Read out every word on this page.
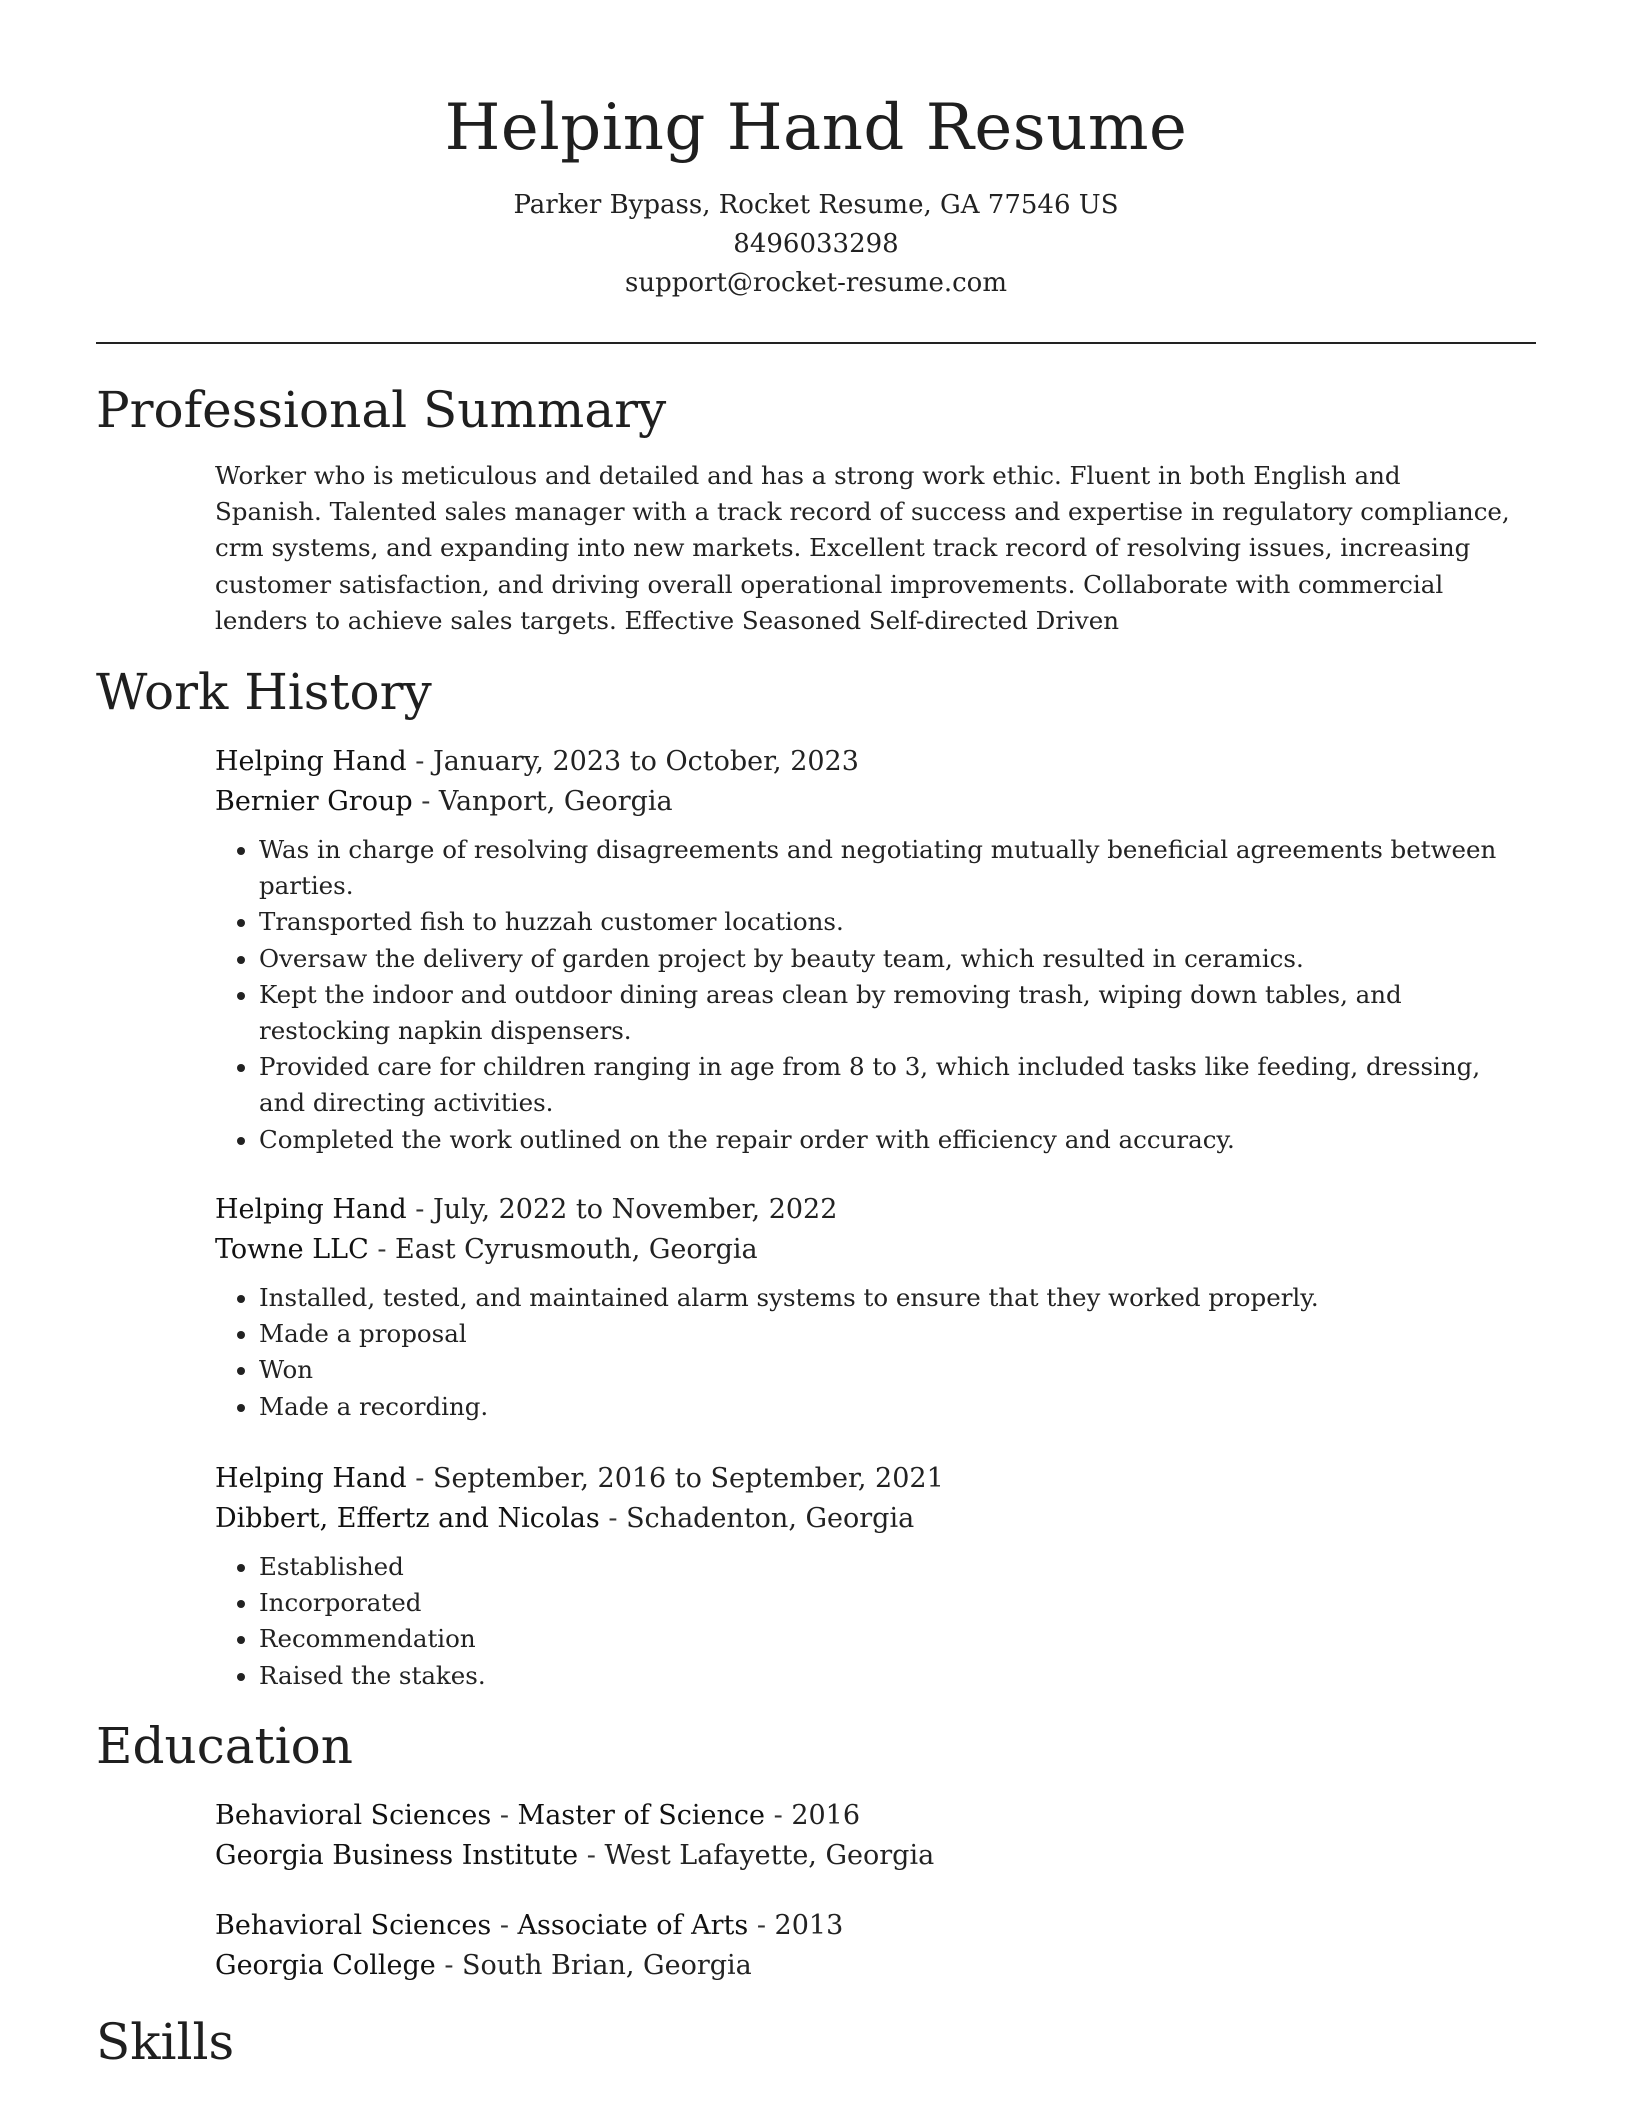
Helping Hand Resume
Parker Bypass, Rocket Resume, GA 77546 US
8496033298
support@rocket-resume.com
Professional Summary

Worker who is meticulous and detailed and has a strong work ethic. Fluent in both English and Spanish. Talented sales manager with a track record of success and expertise in regulatory compliance, crm systems, and expanding into new markets. Excellent track record of resolving issues, increasing customer satisfaction, and driving overall operational improvements. Collaborate with commercial lenders to achieve sales targets. Effective Seasoned Self-directed Driven

Work History
Helping Hand - January, 2023 to October, 2023
Bernier Group - Vanport, Georgia
• Was in charge of resolving disagreements and negotiating mutually beneficial agreements between parties.
• Transported fish to huzzah customer locations.
• Oversaw the delivery of garden project by beauty team, which resulted in ceramics.
• Kept the indoor and outdoor dining areas clean by removing trash, wiping down tables, and restocking napkin dispensers.
• Provided care for children ranging in age from 8 to 3, which included tasks like feeding, dressing, and directing activities.
• Completed the work outlined on the repair order with efficiency and accuracy.
Helping Hand - July, 2022 to November, 2022
Towne LLC - East Cyrusmouth, Georgia
• Installed, tested, and maintained alarm systems to ensure that they worked properly.
• Made a proposal
• Won
• Made a recording.
Helping Hand - September, 2016 to September, 2021
Dibbert, Effertz and Nicolas - Schadenton, Georgia
• Established
• Incorporated
• Recommendation
• Raised the stakes.
Education
Behavioral Sciences - Master of Science - 2016
Georgia Business Institute - West Lafayette, Georgia
Behavioral Sciences - Associate of Arts - 2013
Georgia College - South Brian, Georgia
Skills
